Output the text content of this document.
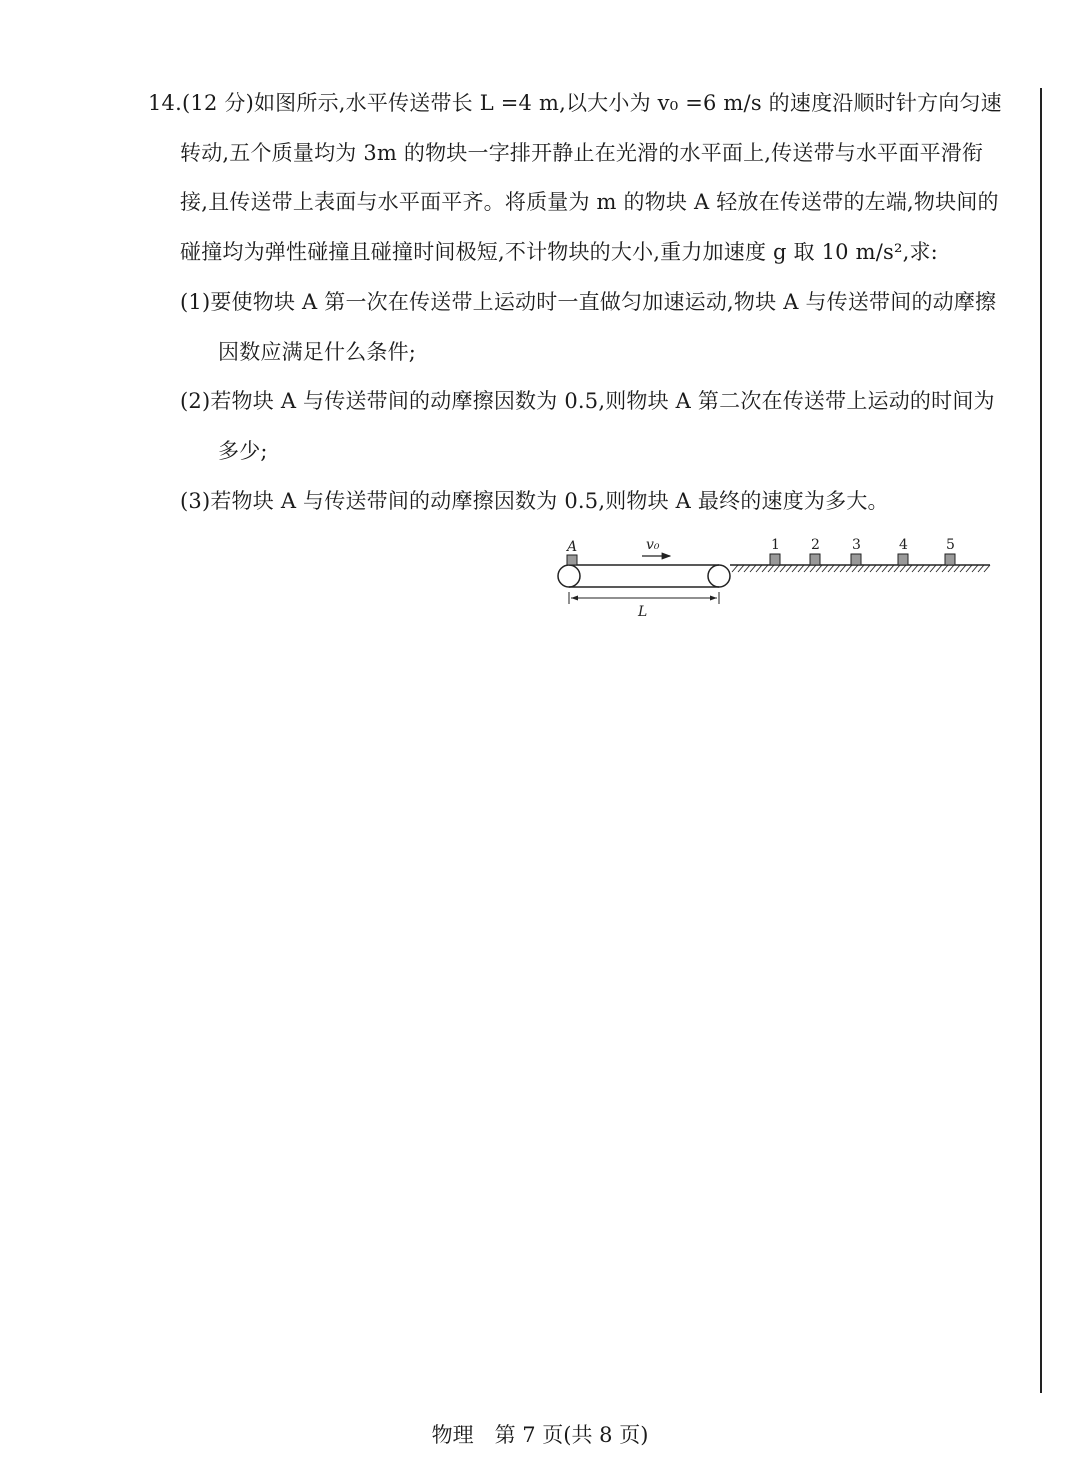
14.(12 分)如图所示,水平传送带长 L =4 m,以大小为 v₀ =6 m/s 的速度沿顺时针方向匀速
转动,五个质量均为 3m 的物块一字排开静止在光滑的水平面上,传送带与水平面平滑衔
接,且传送带上表面与水平面平齐。将质量为 m 的物块 A 轻放在传送带的左端,物块间的
碰撞均为弹性碰撞且碰撞时间极短,不计物块的大小,重力加速度 g 取 10 m/s²,求:
(1)要使物块 A 第一次在传送带上运动时一直做匀加速运动,物块 A 与传送带间的动摩擦
因数应满足什么条件;
(2)若物块 A 与传送带间的动摩擦因数为 0.5,则物块 A 第二次在传送带上运动的时间为
多少;
(3)若物块 A 与传送带间的动摩擦因数为 0.5,则物块 A 最终的速度为多大。
A	v₀
L
1 2 3	4	5
物理　第 7 页(共 8 页)
